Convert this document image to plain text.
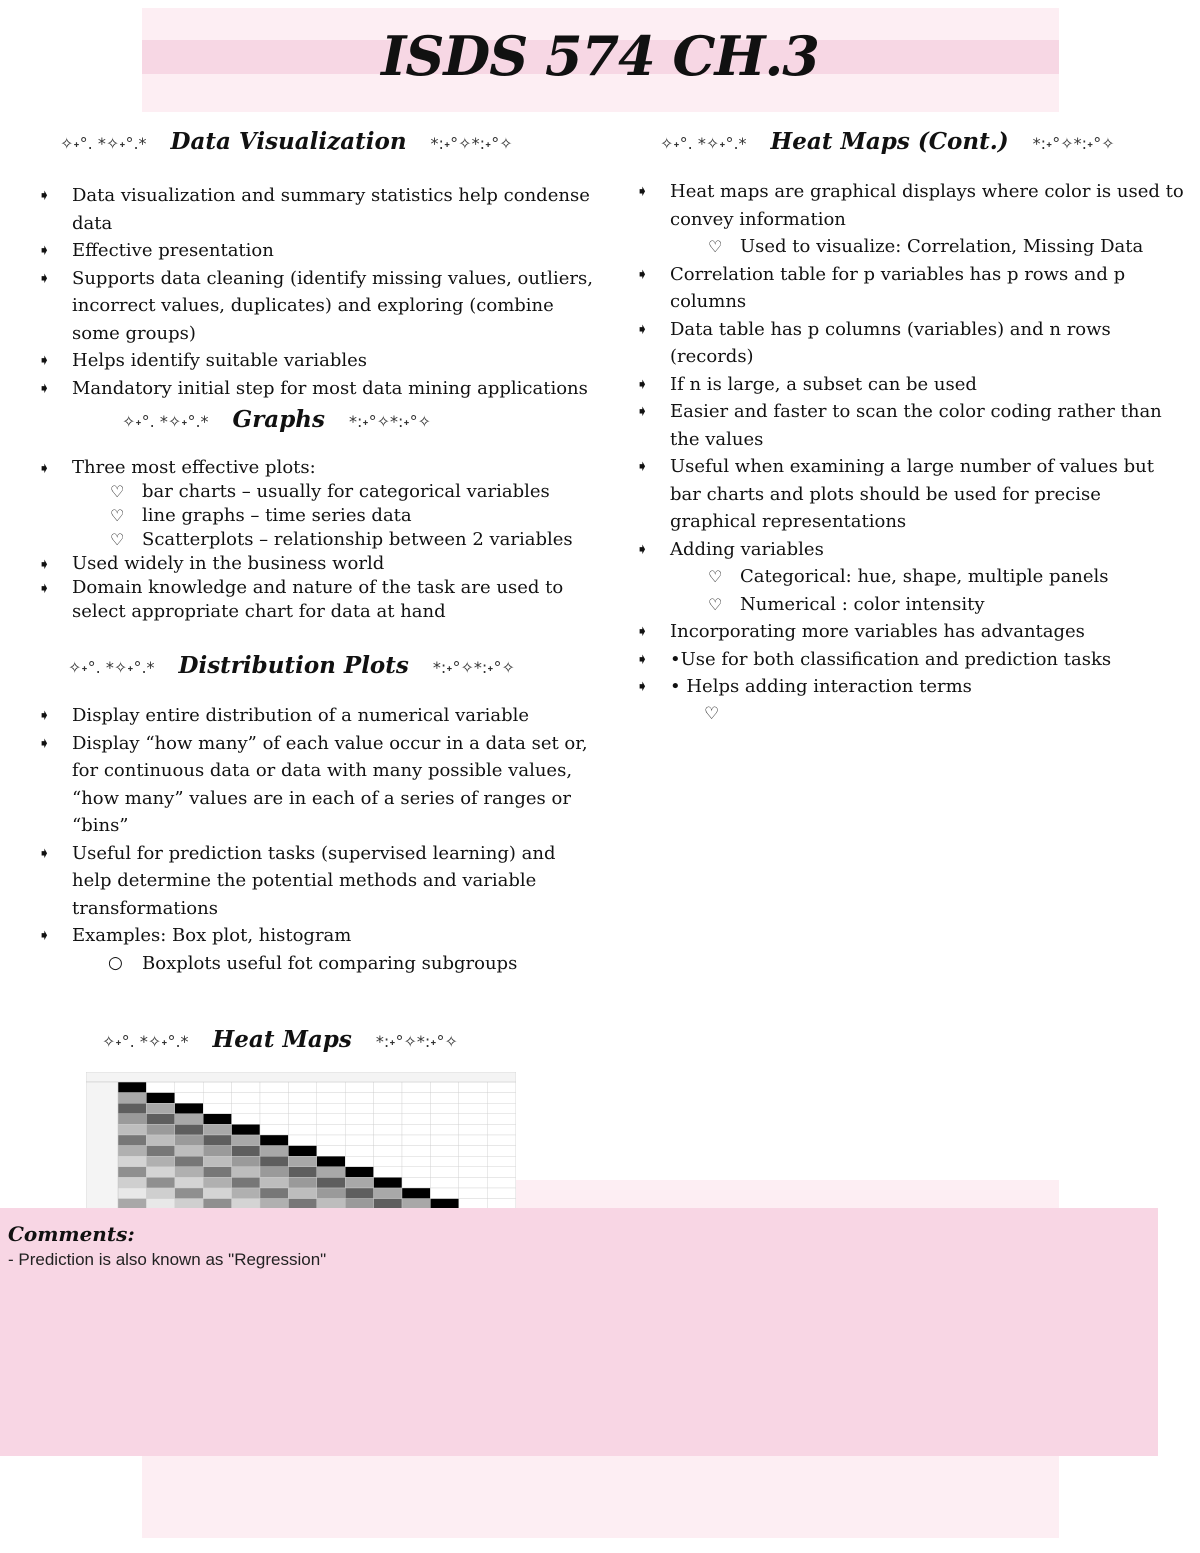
ISDS 574 CH.3
✧˖°. *✧˖°.* Data Visualization *:˖°✧*:˖°✧
➧ Data visualization and summary statistics help condense data
➧ Effective presentation
➧ Supports data cleaning (identify missing values, outliers, incorrect values, duplicates) and exploring (combine some groups)
➧ Helps identify suitable variables
➧ Mandatory initial step for most data mining applications
✧˖°. *✧˖°.* Graphs *:˖°✧*:˖°✧
➧ Three most effective plots:
♡ bar charts – usually for categorical variables
♡ line graphs – time series data
♡ Scatterplots – relationship between 2 variables
➧ Used widely in the business world
➧ Domain knowledge and nature of the task are used to select appropriate chart for data at hand
✧˖°. *✧˖°.* Distribution Plots *:˖°✧*:˖°✧
➧ Display entire distribution of a numerical variable
➧ Display “how many” of each value occur in a data set or, for continuous data or data with many possible values, “how many” values are in each of a series of ranges or “bins”
➧ Useful for prediction tasks (supervised learning) and help determine the potential methods and variable transformations
➧ Examples: Box plot, histogram
○ Boxplots useful fot comparing subgroups
✧˖°. *✧˖°.* Heat Maps *:˖°✧*:˖°✧
✧˖°. *✧˖°.* Heat Maps (Cont.) *:˖°✧*:˖°✧
➧ Heat maps are graphical displays where color is used to convey information
♡ Used to visualize: Correlation, Missing Data
➧ Correlation table for p variables has p rows and p columns
➧ Data table has p columns (variables) and n rows (records)
➧ If n is large, a subset can be used
➧ Easier and faster to scan the color coding rather than the values
➧ Useful when examining a large number of values but bar charts and plots should be used for precise graphical representations
➧ Adding variables
♡ Categorical: hue, shape, multiple panels
♡ Numerical : color intensity
➧ Incorporating more variables has advantages
➧ •Use for both classification and prediction tasks
➧ • Helps adding interaction terms
♡
Comments:
- Prediction is also known as "Regression"
